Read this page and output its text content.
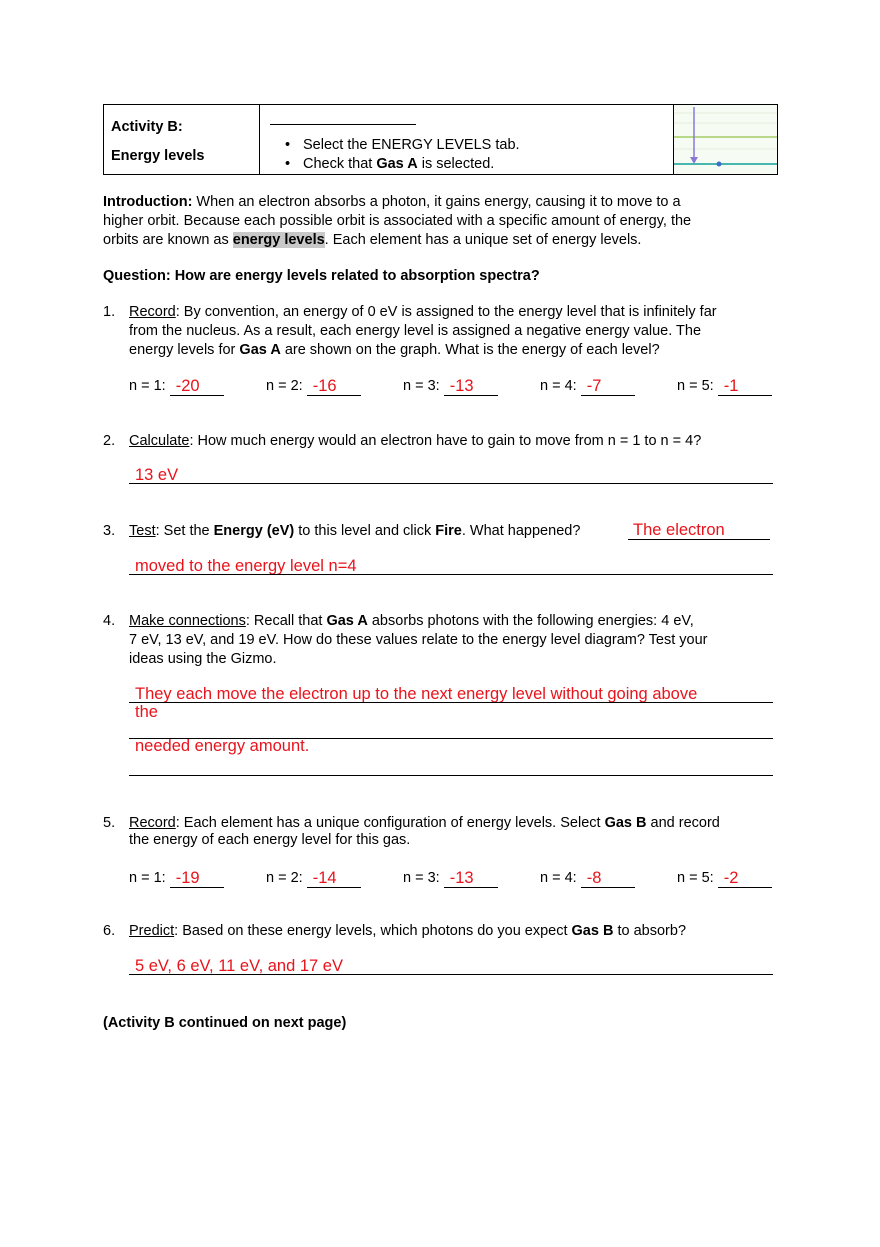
Activity B:
Energy levels
• Select the ENERGY LEVELS tab.
• Check that Gas A is selected.
Introduction: When an electron absorbs a photon, it gains energy, causing it to move to a
higher orbit. Because each possible orbit is associated with a specific amount of energy, the
orbits are known as energy levels. Each element has a unique set of energy levels.
Question: How are energy levels related to absorption spectra?
1. Record: By convention, an energy of 0 eV is assigned to the energy level that is infinitely far
from the nucleus. As a result, each energy level is assigned a negative energy value. The
energy levels for Gas A are shown on the graph. What is the energy of each level?
n = 1: -20	n = 2: -16	n = 3: -13	n = 4: -7	n = 5: -1
2. Calculate: How much energy would an electron have to gain to move from n = 1 to n = 4?
13 eV
3. Test: Set the Energy (eV) to this level and click Fire. What happened?	The electron
moved to the energy level n=4
4. Make connections: Recall that Gas A absorbs photons with the following energies: 4 eV,
7 eV, 13 eV, and 19 eV. How do these values relate to the energy level diagram? Test your
ideas using the Gizmo.
They each move the electron up to the next energy level without going above
the
needed energy amount.
5. Record: Each element has a unique configuration of energy levels. Select Gas B and record
the energy of each energy level for this gas.
n = 1: -19	n = 2: -14	n = 3: -13	n = 4: -8	n = 5: -2
6. Predict: Based on these energy levels, which photons do you expect Gas B to absorb?
5 eV, 6 eV, 11 eV, and 17 eV
(Activity B continued on next page)
